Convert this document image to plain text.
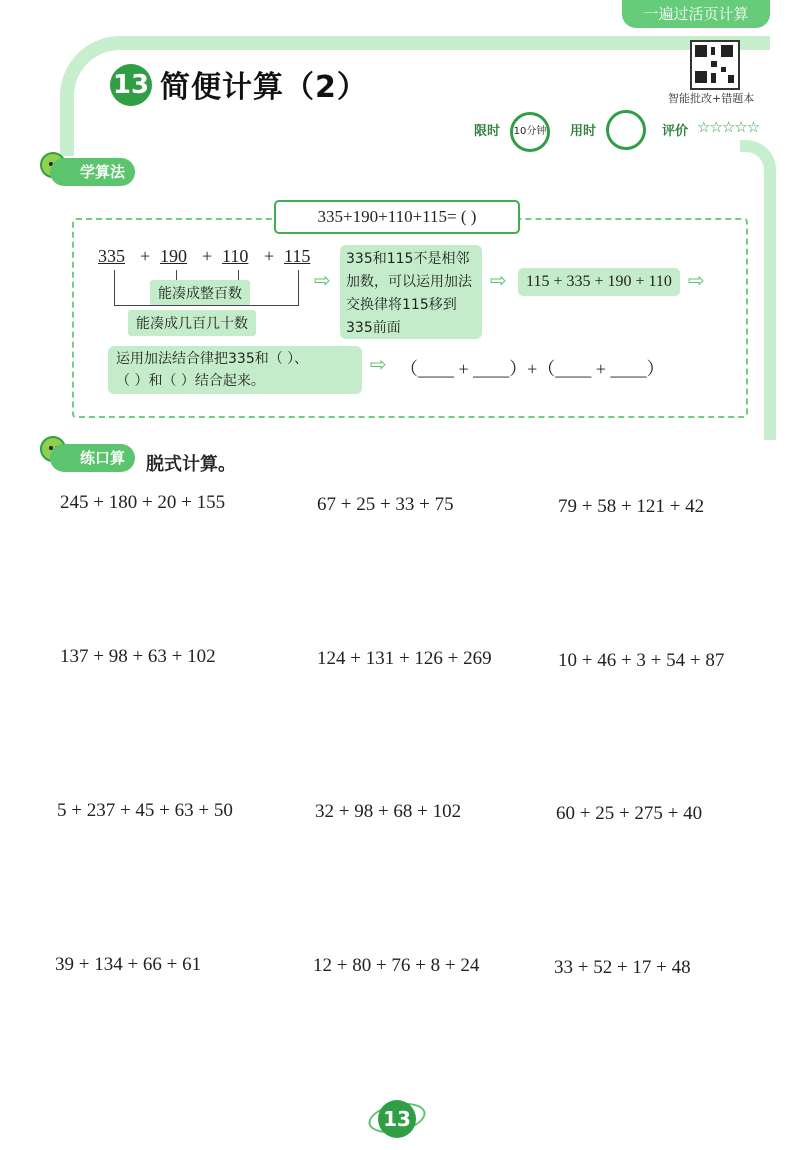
一遍过活页计算
13 简便计算（2）	智能批改+错题本
限时	10分钟 用时	评价 ☆☆☆☆☆
学算法
335+190+110+115= ( )
335 + 190 + 110 + 115
能凑成整百数
能凑成几百几十数
⇨
335和115不是相邻加数，可以运用加法交换律将115移到335前面
⇨	115 + 335 + 190 + 110 ⇨
运用加法结合律把335和（ ）、
（ ）和（ ）结合起来。
⇨ （____ + ____）+（____ + ____）
练口算	脱式计算。
245 + 180 + 20 + 155	67 + 25 + 33 + 75	79 + 58 + 121 + 42
137 + 98 + 63 + 102	124 + 131 + 126 + 269	10 + 46 + 3 + 54 + 87
5 + 237 + 45 + 63 + 50	32 + 98 + 68 + 102	60 + 25 + 275 + 40
39 + 134 + 66 + 61	12 + 80 + 76 + 8 + 24	33 + 52 + 17 + 48
13
